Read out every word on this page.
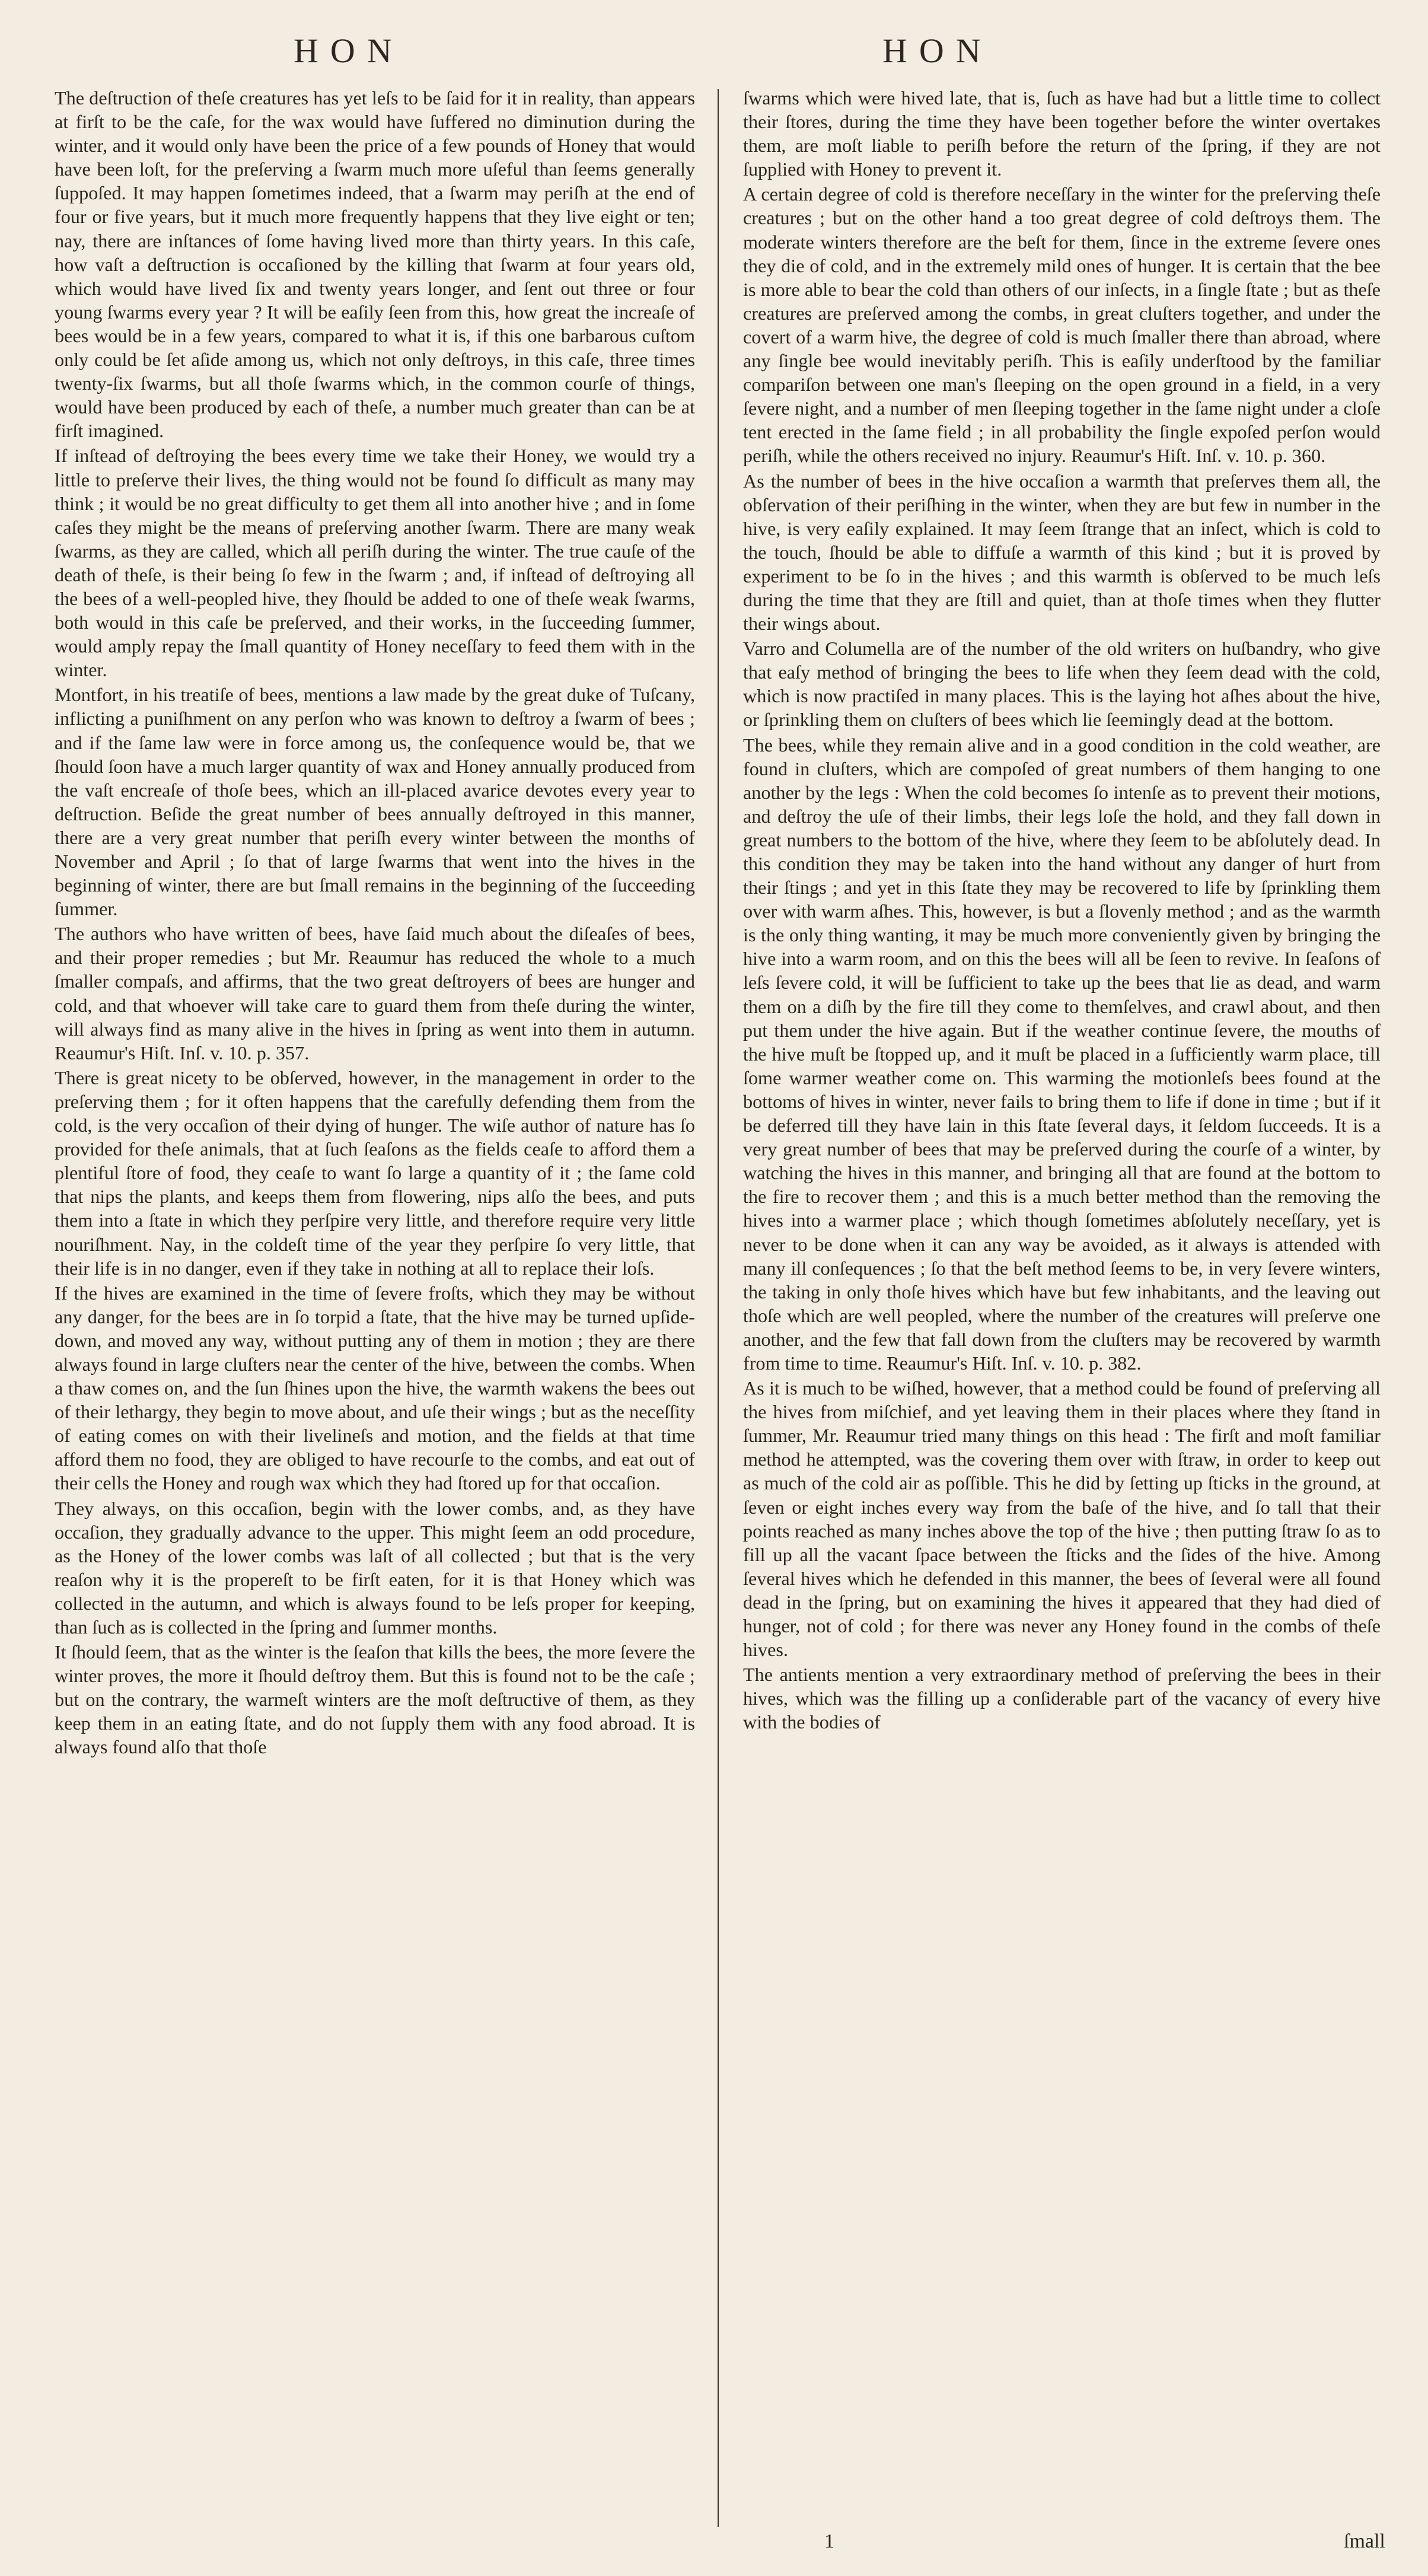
HON	HON

The deſtruction of theſe creatures has yet leſs to be ſaid for it in reality, than appears at firſt to be the caſe, for the wax would have ſuffered no diminution during the winter, and it would only have been the price of a few pounds of Honey that would have been loſt, for the preſerving a ſwarm much more uſeful than ſeems generally ſuppoſed. It may happen ſometimes indeed, that a ſwarm may periſh at the end of four or five years, but it much more frequently happens that they live eight or ten; nay, there are inſtances of ſome having lived more than thirty years. In this caſe, how vaſt a deſtruction is occaſioned by the killing that ſwarm at four years old, which would have lived ſix and twenty years longer, and ſent out three or four young ſwarms every year ? It will be eaſily ſeen from this, how great the increaſe of bees would be in a few years, compared to what it is, if this one barbarous cuſtom only could be ſet aſide among us, which not only deſtroys, in this caſe, three times twenty-ſix ſwarms, but all thoſe ſwarms which, in the common courſe of things, would have been produced by each of theſe, a number much greater than can be at firſt imagined.

If inſtead of deſtroying the bees every time we take their Honey, we would try a little to preſerve their lives, the thing would not be found ſo difficult as many may think ; it would be no great difficulty to get them all into another hive ; and in ſome caſes they might be the means of preſerving another ſwarm. There are many weak ſwarms, as they are called, which all periſh during the winter. The true cauſe of the death of theſe, is their being ſo few in the ſwarm ; and, if inſtead of deſtroying all the bees of a well-peopled hive, they ſhould be added to one of theſe weak ſwarms, both would in this caſe be preſerved, and their works, in the ſucceeding ſummer, would amply repay the ſmall quantity of Honey neceſſary to feed them with in the winter.

Montfort, in his treatiſe of bees, mentions a law made by the great duke of Tuſcany, inflicting a puniſhment on any perſon who was known to deſtroy a ſwarm of bees ; and if the ſame law were in force among us, the conſequence would be, that we ſhould ſoon have a much larger quantity of wax and Honey annually produced from the vaſt encreaſe of thoſe bees, which an ill-placed avarice devotes every year to deſtruction. Beſide the great number of bees annually deſtroyed in this manner, there are a very great number that periſh every winter between the months of November and April ; ſo that of large ſwarms that went into the hives in the beginning of winter, there are but ſmall remains in the beginning of the ſucceeding ſummer.

The authors who have written of bees, have ſaid much about the diſeaſes of bees, and their proper remedies ; but Mr. Reaumur has reduced the whole to a much ſmaller compaſs, and affirms, that the two great deſtroyers of bees are hunger and cold, and that whoever will take care to guard them from theſe during the winter, will always find as many alive in the hives in ſpring as went into them in autumn. Reaumur's Hiſt. Inſ. v. 10. p. 357.

There is great nicety to be obſerved, however, in the management in order to the preſerving them ; for it often happens that the carefully defending them from the cold, is the very occaſion of their dying of hunger. The wiſe author of nature has ſo provided for theſe animals, that at ſuch ſeaſons as the fields ceaſe to afford them a plentiful ſtore of food, they ceaſe to want ſo large a quantity of it ; the ſame cold that nips the plants, and keeps them from flowering, nips alſo the bees, and puts them into a ſtate in which they perſpire very little, and therefore require very little nouriſhment. Nay, in the coldeſt time of the year they perſpire ſo very little, that their life is in no danger, even if they take in nothing at all to replace their loſs.

If the hives are examined in the time of ſevere froſts, which they may be without any danger, for the bees are in ſo torpid a ſtate, that the hive may be turned upſide-down, and moved any way, without putting any of them in motion ; they are there always found in large cluſters near the center of the hive, between the combs. When a thaw comes on, and the ſun ſhines upon the hive, the warmth wakens the bees out of their lethargy, they begin to move about, and uſe their wings ; but as the neceſſity of eating comes on with their livelineſs and motion, and the fields at that time afford them no food, they are obliged to have recourſe to the combs, and eat out of their cells the Honey and rough wax which they had ſtored up for that occaſion.

They always, on this occaſion, begin with the lower combs, and, as they have occaſion, they gradually advance to the upper. This might ſeem an odd procedure, as the Honey of the lower combs was laſt of all collected ; but that is the very reaſon why it is the propereſt to be firſt eaten, for it is that Honey which was collected in the autumn, and which is always found to be leſs proper for keeping, than ſuch as is collected in the ſpring and ſummer months.

It ſhould ſeem, that as the winter is the ſeaſon that kills the bees, the more ſevere the winter proves, the more it ſhould deſtroy them. But this is found not to be the caſe ; but on the contrary, the warmeſt winters are the moſt deſtructive of them, as they keep them in an eating ſtate, and do not ſupply them with any food abroad. It is always found alſo that thoſe

ſwarms which were hived late, that is, ſuch as have had but a little time to collect their ſtores, during the time they have been together before the winter overtakes them, are moſt liable to periſh before the return of the ſpring, if they are not ſupplied with Honey to prevent it.

A certain degree of cold is therefore neceſſary in the winter for the preſerving theſe creatures ; but on the other hand a too great degree of cold deſtroys them. The moderate winters therefore are the beſt for them, ſince in the extreme ſevere ones they die of cold, and in the extremely mild ones of hunger. It is certain that the bee is more able to bear the cold than others of our inſects, in a ſingle ſtate ; but as theſe creatures are preſerved among the combs, in great cluſters together, and under the covert of a warm hive, the degree of cold is much ſmaller there than abroad, where any ſingle bee would inevitably periſh. This is eaſily underſtood by the familiar compariſon between one man's ſleeping on the open ground in a field, in a very ſevere night, and a number of men ſleeping together in the ſame night under a cloſe tent erected in the ſame field ; in all probability the ſingle expoſed perſon would periſh, while the others received no injury. Reaumur's Hiſt. Inſ. v. 10. p. 360.

As the number of bees in the hive occaſion a warmth that preſerves them all, the obſervation of their periſhing in the winter, when they are but few in number in the hive, is very eaſily explained. It may ſeem ſtrange that an inſect, which is cold to the touch, ſhould be able to diffuſe a warmth of this kind ; but it is proved by experiment to be ſo in the hives ; and this warmth is obſerved to be much leſs during the time that they are ſtill and quiet, than at thoſe times when they flutter their wings about.

Varro and Columella are of the number of the old writers on huſbandry, who give that eaſy method of bringing the bees to life when they ſeem dead with the cold, which is now practiſed in many places. This is the laying hot aſhes about the hive, or ſprinkling them on cluſters of bees which lie ſeemingly dead at the bottom.

The bees, while they remain alive and in a good condition in the cold weather, are found in cluſters, which are compoſed of great numbers of them hanging to one another by the legs : When the cold becomes ſo intenſe as to prevent their motions, and deſtroy the uſe of their limbs, their legs loſe the hold, and they fall down in great numbers to the bottom of the hive, where they ſeem to be abſolutely dead. In this condition they may be taken into the hand without any danger of hurt from their ſtings ; and yet in this ſtate they may be recovered to life by ſprinkling them over with warm aſhes. This, however, is but a ſlovenly method ; and as the warmth is the only thing wanting, it may be much more conveniently given by bringing the hive into a warm room, and on this the bees will all be ſeen to revive. In ſeaſons of leſs ſevere cold, it will be ſufficient to take up the bees that lie as dead, and warm them on a diſh by the fire till they come to themſelves, and crawl about, and then put them under the hive again. But if the weather continue ſevere, the mouths of the hive muſt be ſtopped up, and it muſt be placed in a ſufficiently warm place, till ſome warmer weather come on. This warming the motionleſs bees found at the bottoms of hives in winter, never fails to bring them to life if done in time ; but if it be deferred till they have lain in this ſtate ſeveral days, it ſeldom ſucceeds. It is a very great number of bees that may be preſerved during the courſe of a winter, by watching the hives in this manner, and bringing all that are found at the bottom to the fire to recover them ; and this is a much better method than the removing the hives into a warmer place ; which though ſometimes abſolutely neceſſary, yet is never to be done when it can any way be avoided, as it always is attended with many ill conſequences ; ſo that the beſt method ſeems to be, in very ſevere winters, the taking in only thoſe hives which have but few inhabitants, and the leaving out thoſe which are well peopled, where the number of the creatures will preſerve one another, and the few that fall down from the cluſters may be recovered by warmth from time to time. Reaumur's Hiſt. Inſ. v. 10. p. 382.

As it is much to be wiſhed, however, that a method could be found of preſerving all the hives from miſchief, and yet leaving them in their places where they ſtand in ſummer, Mr. Reaumur tried many things on this head : The firſt and moſt familiar method he attempted, was the covering them over with ſtraw, in order to keep out as much of the cold air as poſſible. This he did by ſetting up ſticks in the ground, at ſeven or eight inches every way from the baſe of the hive, and ſo tall that their points reached as many inches above the top of the hive ; then putting ſtraw ſo as to fill up all the vacant ſpace between the ſticks and the ſides of the hive. Among ſeveral hives which he defended in this manner, the bees of ſeveral were all found dead in the ſpring, but on examining the hives it appeared that they had died of hunger, not of cold ; for there was never any Honey found in the combs of theſe hives.

The antients mention a very extraordinary method of preſerving the bees in their hives, which was the filling up a conſiderable part of the vacancy of every hive with the bodies of

1	ſmall
